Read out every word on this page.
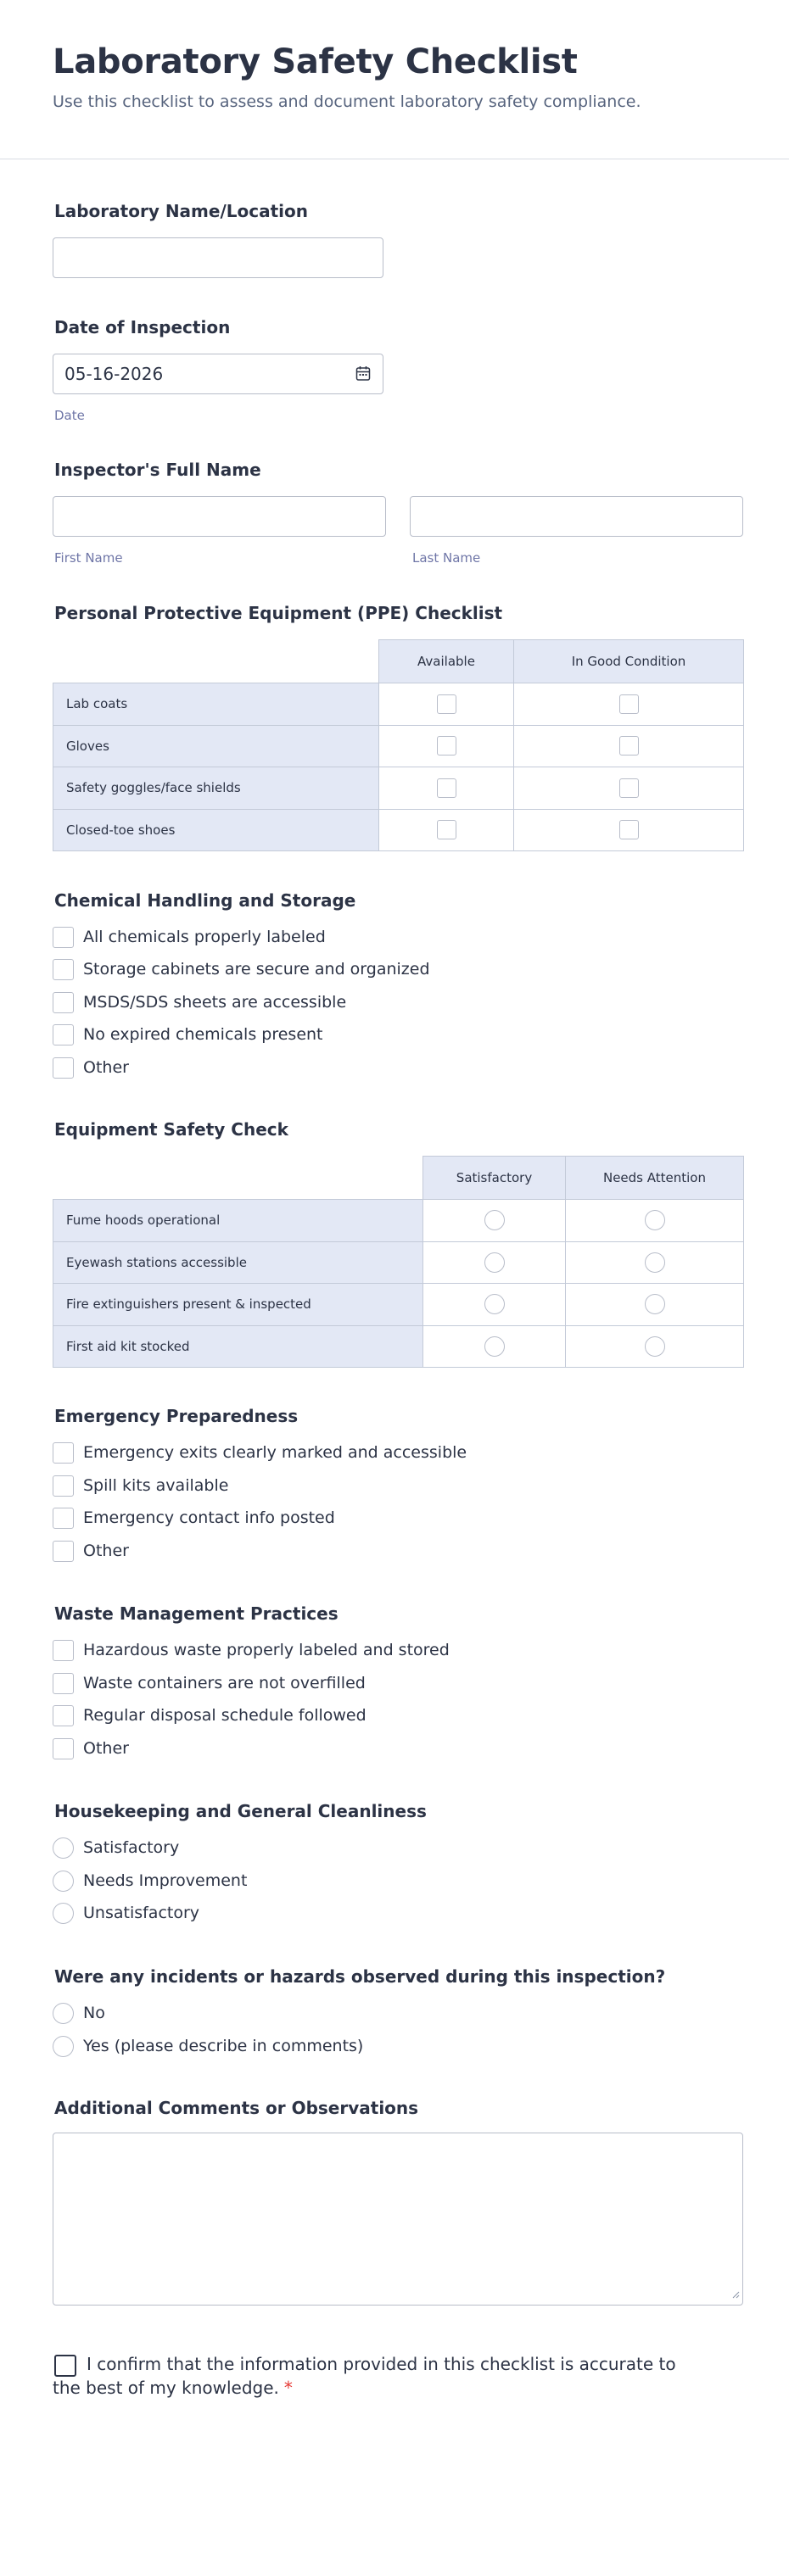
Laboratory Safety Checklist
Use this checklist to assess and document laboratory safety compliance.
Laboratory Name/Location
Date of Inspection
05-16-2026
Date
Inspector's Full Name
First Name	Last Name
Personal Protective Equipment (PPE) Checklist
	Available	In Good Condition
Lab coats		
Gloves		
Safety goggles/face shields		
Closed-toe shoes		
Chemical Handling and Storage
All chemicals properly labeled
Storage cabinets are secure and organized
MSDS/SDS sheets are accessible
No expired chemicals present
Other
Equipment Safety Check
	Satisfactory	Needs Attention
Fume hoods operational		
Eyewash stations accessible		
Fire extinguishers present & inspected		
First aid kit stocked		
Emergency Preparedness
Emergency exits clearly marked and accessible
Spill kits available
Emergency contact info posted
Other
Waste Management Practices
Hazardous waste properly labeled and stored
Waste containers are not overfilled
Regular disposal schedule followed
Other
Housekeeping and General Cleanliness
Satisfactory
Needs Improvement
Unsatisfactory
Were any incidents or hazards observed during this inspection?
No
Yes (please describe in comments)
Additional Comments or Observations
I confirm that the information provided in this checklist is accurate to
the best of my knowledge. *
